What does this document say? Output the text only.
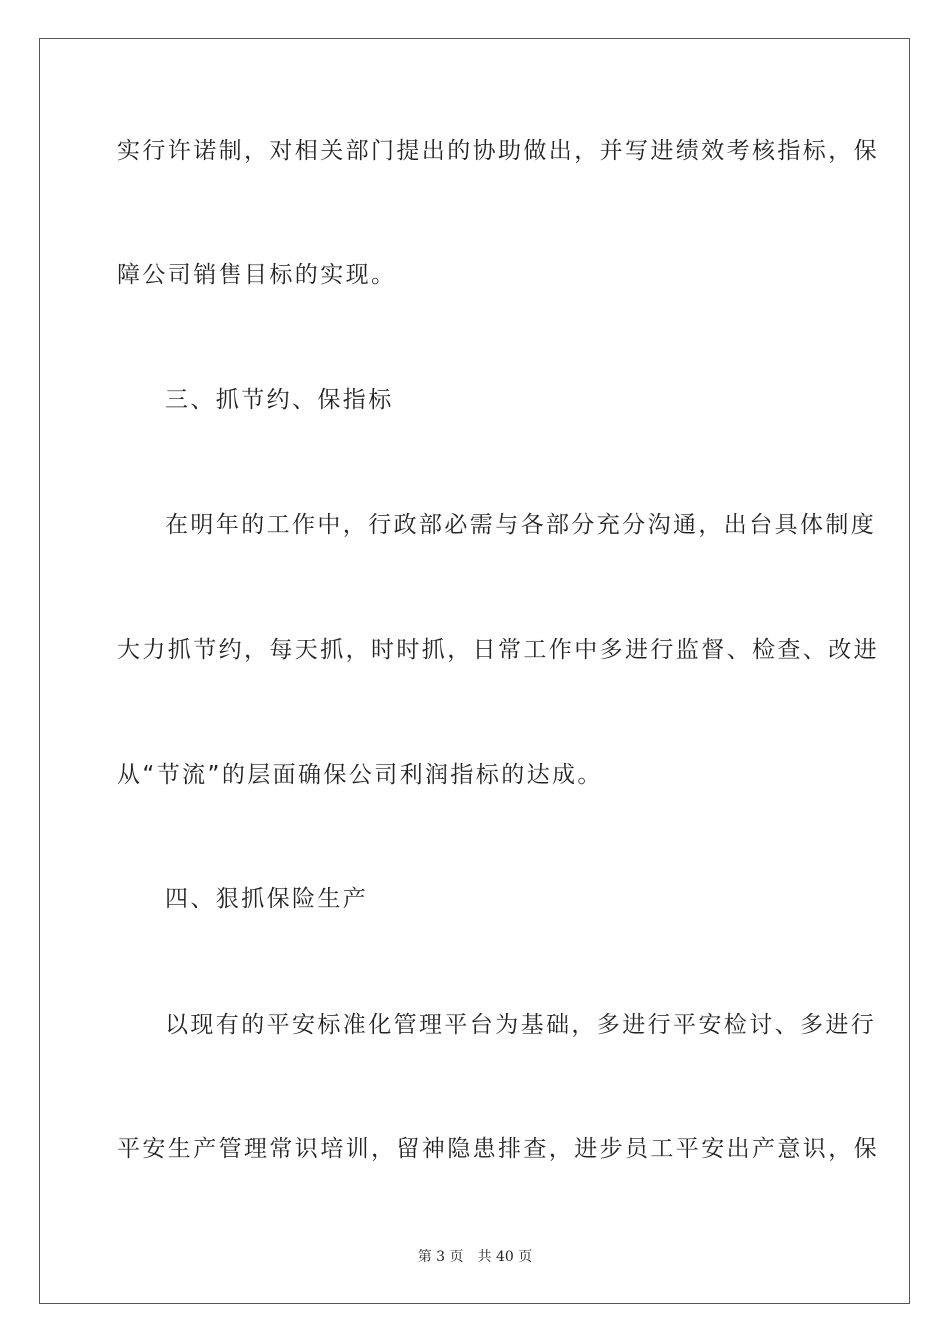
实行许诺制，对相关部门提出的协助做出，并写进绩效考核指标，保
障公司销售目标的实现。
三、抓节约、保指标
在明年的工作中，行政部必需与各部分充分沟通，出台具体制度
大力抓节约，每天抓，时时抓，日常工作中多进行监督、检查、改进
从“节流”的层面确保公司利润指标的达成。
四、狠抓保险生产
以现有的平安标准化管理平台为基础，多进行平安检讨、多进行
平安生产管理常识培训，留神隐患排查，进步员工平安出产意识，保
第 3 页 共 40 页
